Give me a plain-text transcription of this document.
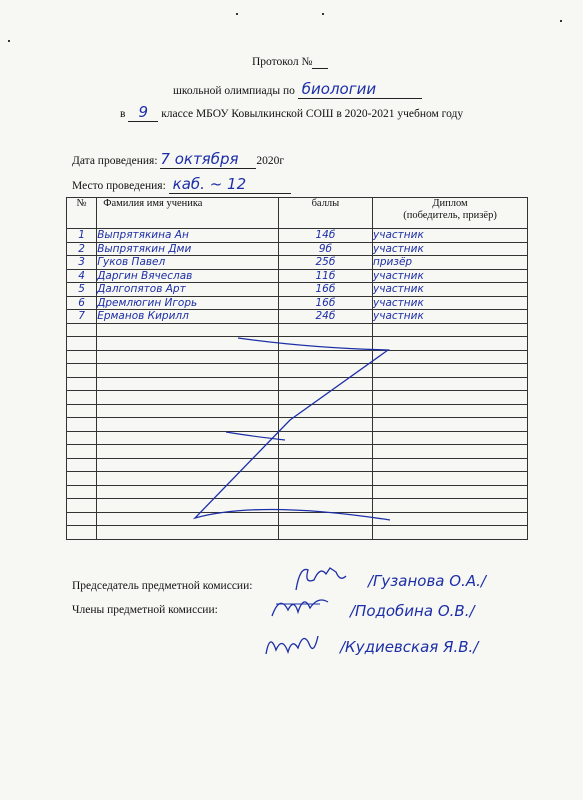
Протокол №
школьной олимпиады по биологии
в 9 классе МБОУ Ковылкинской СОШ в 2020-2021 учебном году
Дата проведения: 7 октября 2020г
Место проведения: каб. ~ 12
№	Фамилия имя ученика	баллы	Диплом
(победитель, призёр)

1	Выпрятякина Ан	14б	участник
2	Выпрятякин Дми	9б	участник
3	Гуков Павел	25б	призёр
4	Даргин Вячеслав	11б	участник
5	Далгопятов Арт	16б	участник
6	Дремлюгин Игорь	16б	участник
7	Ерманов Кирилл	24б	участник

Председатель предметной комиссии:	/Гузанова О.А./
Члены предметной комиссии:	/Подобина О.В./
/Кудиевская Я.В./
